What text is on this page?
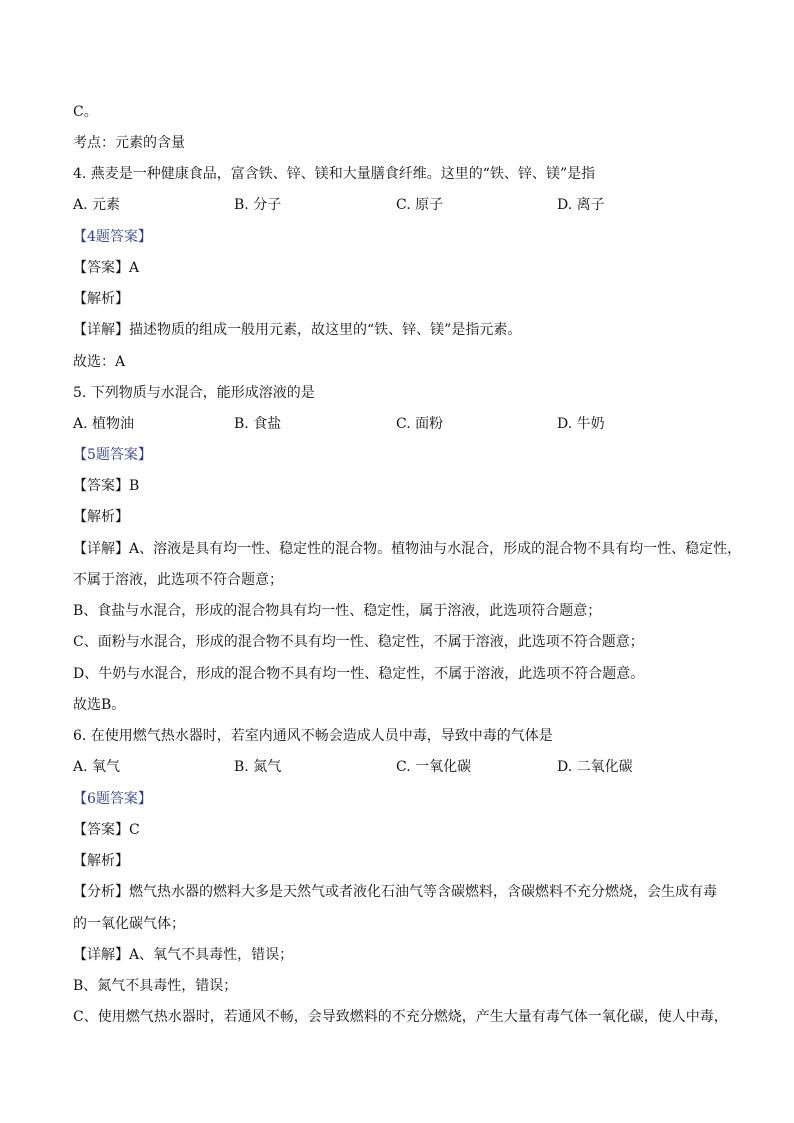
C。
考点：元素的含量
4. 燕麦是一种健康食品，富含铁、锌、镁和大量膳食纤维。这里的“铁、锌、镁”是指
A. 元素	B. 分子	C. 原子	D. 离子
【4题答案】
【答案】A
【解析】
【详解】描述物质的组成一般用元素，故这里的“铁、锌、镁”是指元素。
故选：A
5. 下列物质与水混合，能形成溶液的是
A. 植物油	B. 食盐	C. 面粉	D. 牛奶
【5题答案】
【答案】B
【解析】
【详解】A、溶液是具有均一性、稳定性的混合物。植物油与水混合，形成的混合物不具有均一性、稳定性，
不属于溶液，此选项不符合题意；
B、食盐与水混合，形成的混合物具有均一性、稳定性，属于溶液，此选项符合题意；
C、面粉与水混合，形成的混合物不具有均一性、稳定性，不属于溶液，此选项不符合题意；
D、牛奶与水混合，形成的混合物不具有均一性、稳定性，不属于溶液，此选项不符合题意。
故选B。
6. 在使用燃气热水器时，若室内通风不畅会造成人员中毒，导致中毒的气体是
A. 氧气	B. 氮气	C. 一氧化碳	D. 二氧化碳
【6题答案】
【答案】C
【解析】
【分析】燃气热水器的燃料大多是天然气或者液化石油气等含碳燃料，含碳燃料不充分燃烧，会生成有毒
的一氧化碳气体；
【详解】A、氧气不具毒性，错误；
B、氮气不具毒性，错误；
C、使用燃气热水器时，若通风不畅，会导致燃料的不充分燃烧，产生大量有毒气体一氧化碳，使人中毒，
